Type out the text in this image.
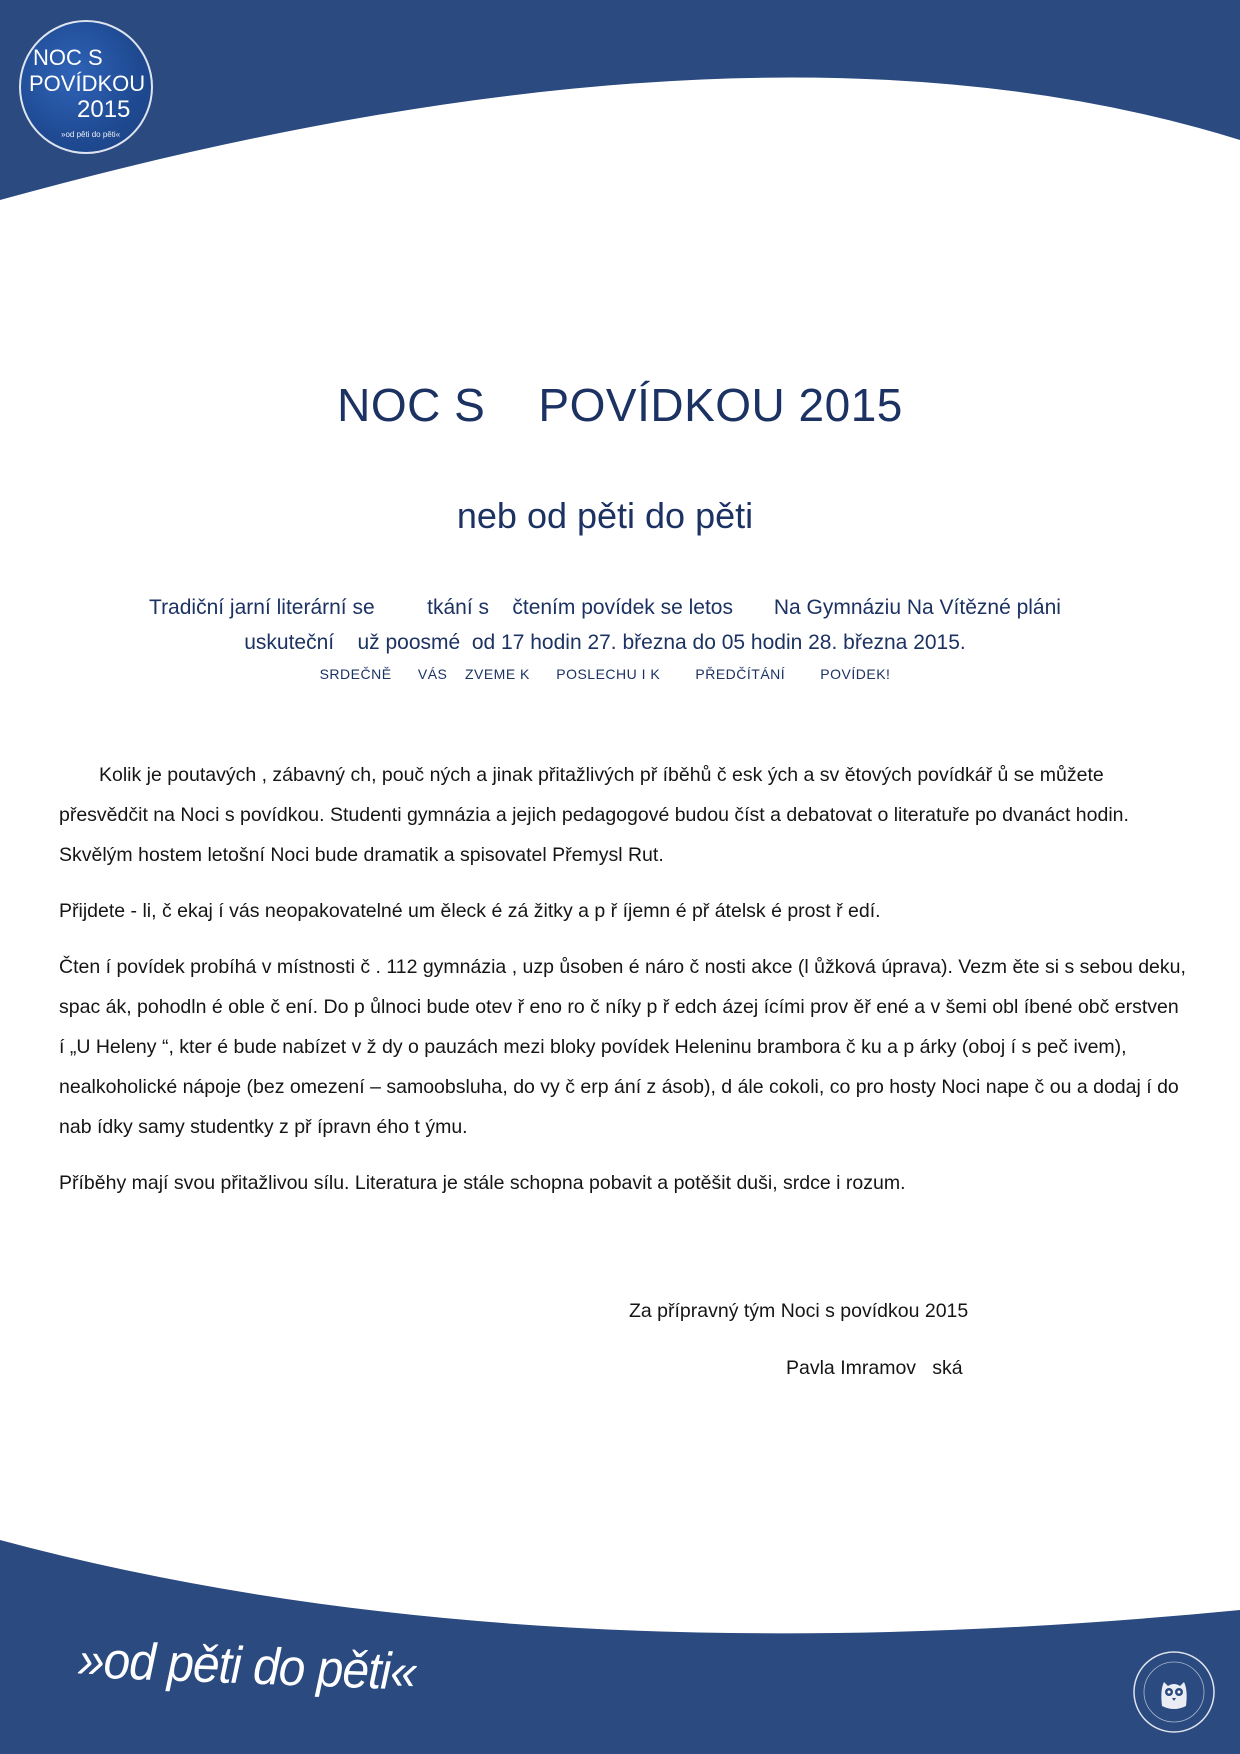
NOC S
POVÍDKOU
2015
»od pěti do pěti«
NOC S    POVÍDKOU 2015
neb od pěti do pěti
Tradiční jarní literární se         tkání s    čtením povídek se letos       Na Gymnáziu Na Vítězné pláni
uskuteční    už poosmé  od 17 hodin 27. března do 05 hodin 28. března 2015.
SRDEČNĚ      VÁS    ZVEME K      POSLECHU I K        PŘEDČÍTÁNÍ        POVÍDEK!

Kolik je poutavých , zábavný ch, pouč ných a jinak přitažlivých př íběhů č esk ých a sv ětových povídkář ů se můžete přesvědčit na Noci s povídkou. Studenti gymnázia a jejich pedagogové budou číst a debatovat o literatuře po dvanáct hodin. Skvělým hostem letošní Noci bude dramatik a spisovatel Přemysl Rut.

Přijdete - li, č ekaj í vás neopakovatelné um ěleck é zá žitky a p ř íjemn é př átelsk é prost ř edí.

Čten í povídek probíhá v místnosti č . 112 gymnázia , uzp ůsoben é náro č nosti akce (l ůžková úprava). Vezm ěte si s sebou deku, spac ák, pohodln é oble č ení. Do p ůlnoci bude otev ř eno ro č níky p ř edch ázej ícími prov ěř ené a v šemi obl íbené obč erstven í „U Heleny “, kter é bude nabízet v ž dy o pauzách mezi bloky povídek Heleninu brambora č ku a p árky (oboj í s peč ivem), nealkoholické nápoje (bez omezení – samoobsluha, do vy č erp ání z ásob), d ále cokoli, co pro hosty Noci nape č ou a dodaj í do nab ídky samy studentky z př ípravn ého t ýmu.

Příběhy mají svou přitažlivou sílu. Literatura je stále schopna pobavit a potěšit duši, srdce i rozum.

Za přípravný tým Noci s povídkou 2015
Pavla Imramov   ská
»od pěti do pěti«
